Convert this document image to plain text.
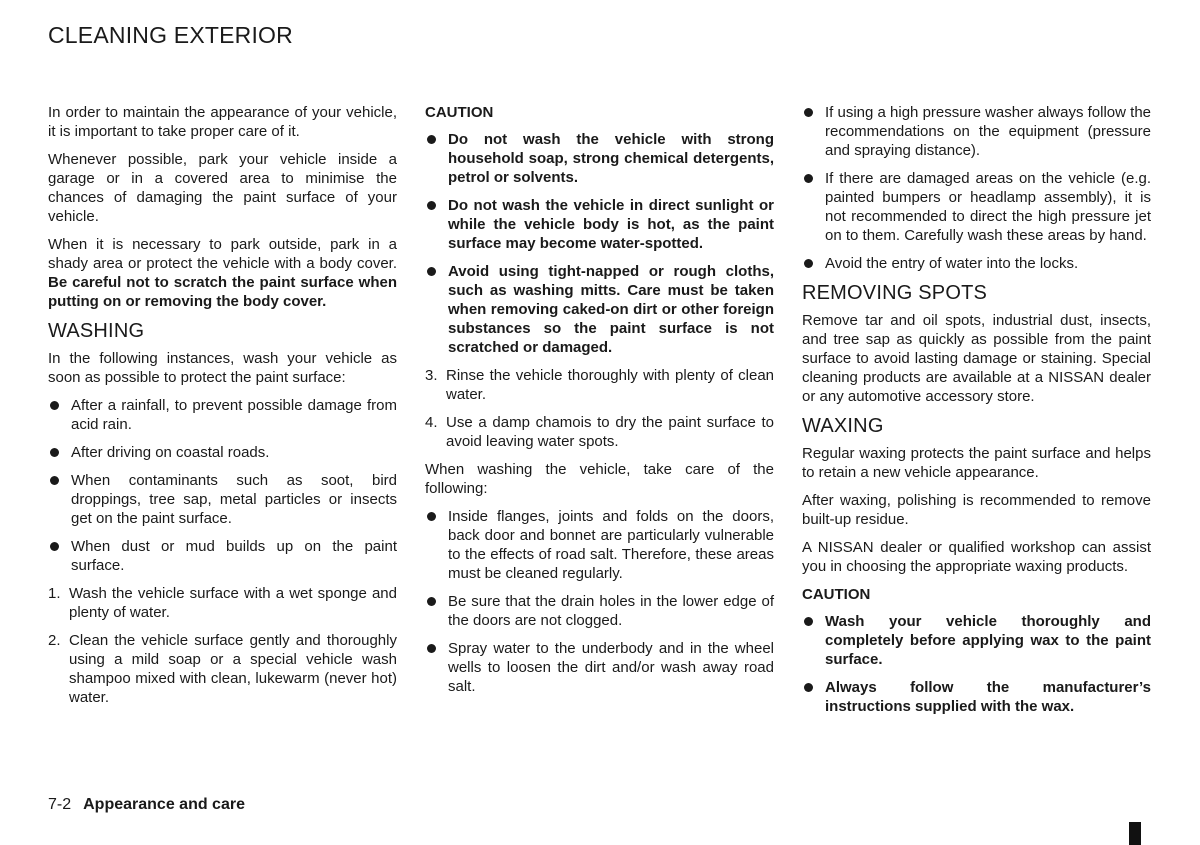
CLEANING EXTERIOR

In order to maintain the appearance of your vehicle, it is important to take proper care of it.

Whenever possible, park your vehicle inside a garage or in a covered area to minimise the chances of damaging the paint surface of your vehicle.

When it is necessary to park outside, park in a shady area or protect the vehicle with a body cover. Be careful not to scratch the paint surface when putting on or removing the body cover.

WASHING

In the following instances, wash your vehicle as soon as possible to protect the paint surface:

After a rainfall, to prevent possible damage from acid rain.
After driving on coastal roads.
When contaminants such as soot, bird droppings, tree sap, metal particles or insects get on the paint surface.
When dust or mud builds up on the paint surface.
1. Wash the vehicle surface with a wet sponge and plenty of water.
2. Clean the vehicle surface gently and thoroughly using a mild soap or a special vehicle wash shampoo mixed with clean, lukewarm (never hot) water.

CAUTION

Do not wash the vehicle with strong household soap, strong chemical detergents, petrol or solvents.
Do not wash the vehicle in direct sunlight or while the vehicle body is hot, as the paint surface may become water-spotted.
Avoid using tight-napped or rough cloths, such as washing mitts. Care must be taken when removing caked-on dirt or other foreign substances so the paint surface is not scratched or damaged.
3. Rinse the vehicle thoroughly with plenty of clean water.
4. Use a damp chamois to dry the paint surface to avoid leaving water spots.

When washing the vehicle, take care of the following:

Inside flanges, joints and folds on the doors, back door and bonnet are particularly vulnerable to the effects of road salt. Therefore, these areas must be cleaned regularly.
Be sure that the drain holes in the lower edge of the doors are not clogged.
Spray water to the underbody and in the wheel wells to loosen the dirt and/or wash away road salt.
If using a high pressure washer always follow the recommendations on the equipment (pressure and spraying distance).
If there are damaged areas on the vehicle (e.g. painted bumpers or headlamp assembly), it is not recommended to direct the high pressure jet on to them. Carefully wash these areas by hand.
Avoid the entry of water into the locks.
REMOVING SPOTS

Remove tar and oil spots, industrial dust, insects, and tree sap as quickly as possible from the paint surface to avoid lasting damage or staining. Special cleaning products are available at a NISSAN dealer or any automotive accessory store.

WAXING

Regular waxing protects the paint surface and helps to retain a new vehicle appearance.

After waxing, polishing is recommended to remove built-up residue.

A NISSAN dealer or qualified workshop can assist you in choosing the appropriate waxing products.

CAUTION

Wash your vehicle thoroughly and completely before applying wax to the paint surface.
Always follow the manufacturer’s instructions supplied with the wax.
7-2 Appearance and care
